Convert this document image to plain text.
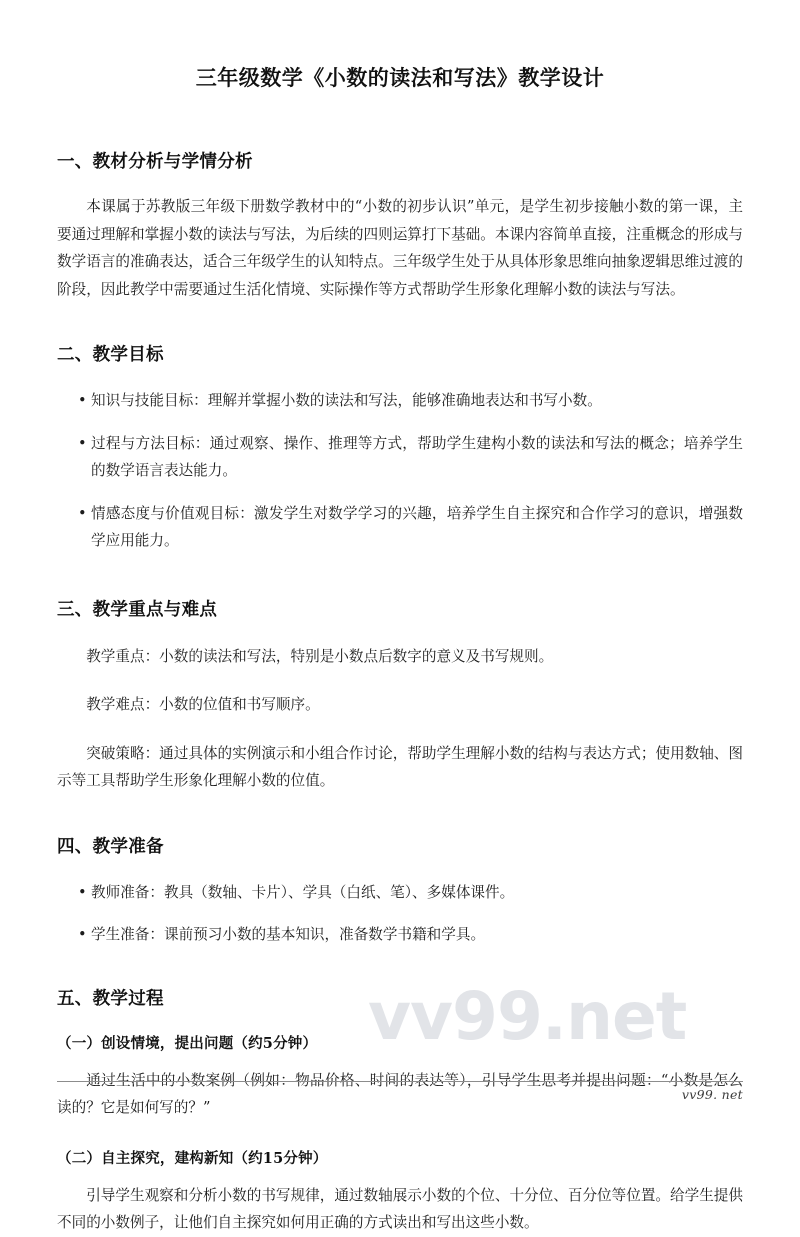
vv99.net
三年级数学《小数的读法和写法》教学设计
一、教材分析与学情分析

本课属于苏教版三年级下册数学教材中的“小数的初步认识”单元，是学生初步接触小数的第一课，主要通过理解和掌握小数的读法与写法，为后续的四则运算打下基础。本课内容简单直接，注重概念的形成与数学语言的准确表达，适合三年级学生的认知特点。三年级学生处于从具体形象思维向抽象逻辑思维过渡的阶段，因此教学中需要通过生活化情境、实际操作等方式帮助学生形象化理解小数的读法与写法。

二、教学目标
• 知识与技能目标：理解并掌握小数的读法和写法，能够准确地表达和书写小数。
• 过程与方法目标：通过观察、操作、推理等方式，帮助学生建构小数的读法和写法的概念；培养学生的数学语言表达能力。
• 情感态度与价值观目标：激发学生对数学学习的兴趣，培养学生自主探究和合作学习的意识，增强数学应用能力。
三、教学重点与难点

教学重点：小数的读法和写法，特别是小数点后数字的意义及书写规则。

教学难点：小数的位值和书写顺序。

突破策略：通过具体的实例演示和小组合作讨论，帮助学生理解小数的结构与表达方式；使用数轴、图示等工具帮助学生形象化理解小数的位值。

四、教学准备
• 教师准备：教具（数轴、卡片）、学具（白纸、笔）、多媒体课件。
• 学生准备：课前预习小数的基本知识，准备数学书籍和学具。
五、教学过程
（一）创设情境，提出问题（约5分钟）

通过生活中的小数案例（例如：物品价格、时间的表达等），引导学生思考并提出问题：“小数是怎么读的？它是如何写的？”

（二）自主探究，建构新知（约15分钟）

引导学生观察和分析小数的书写规律，通过数轴展示小数的个位、十分位、百分位等位置。给学生提供不同的小数例子，让他们自主探究如何用正确的方式读出和写出这些小数。

vv99. net
